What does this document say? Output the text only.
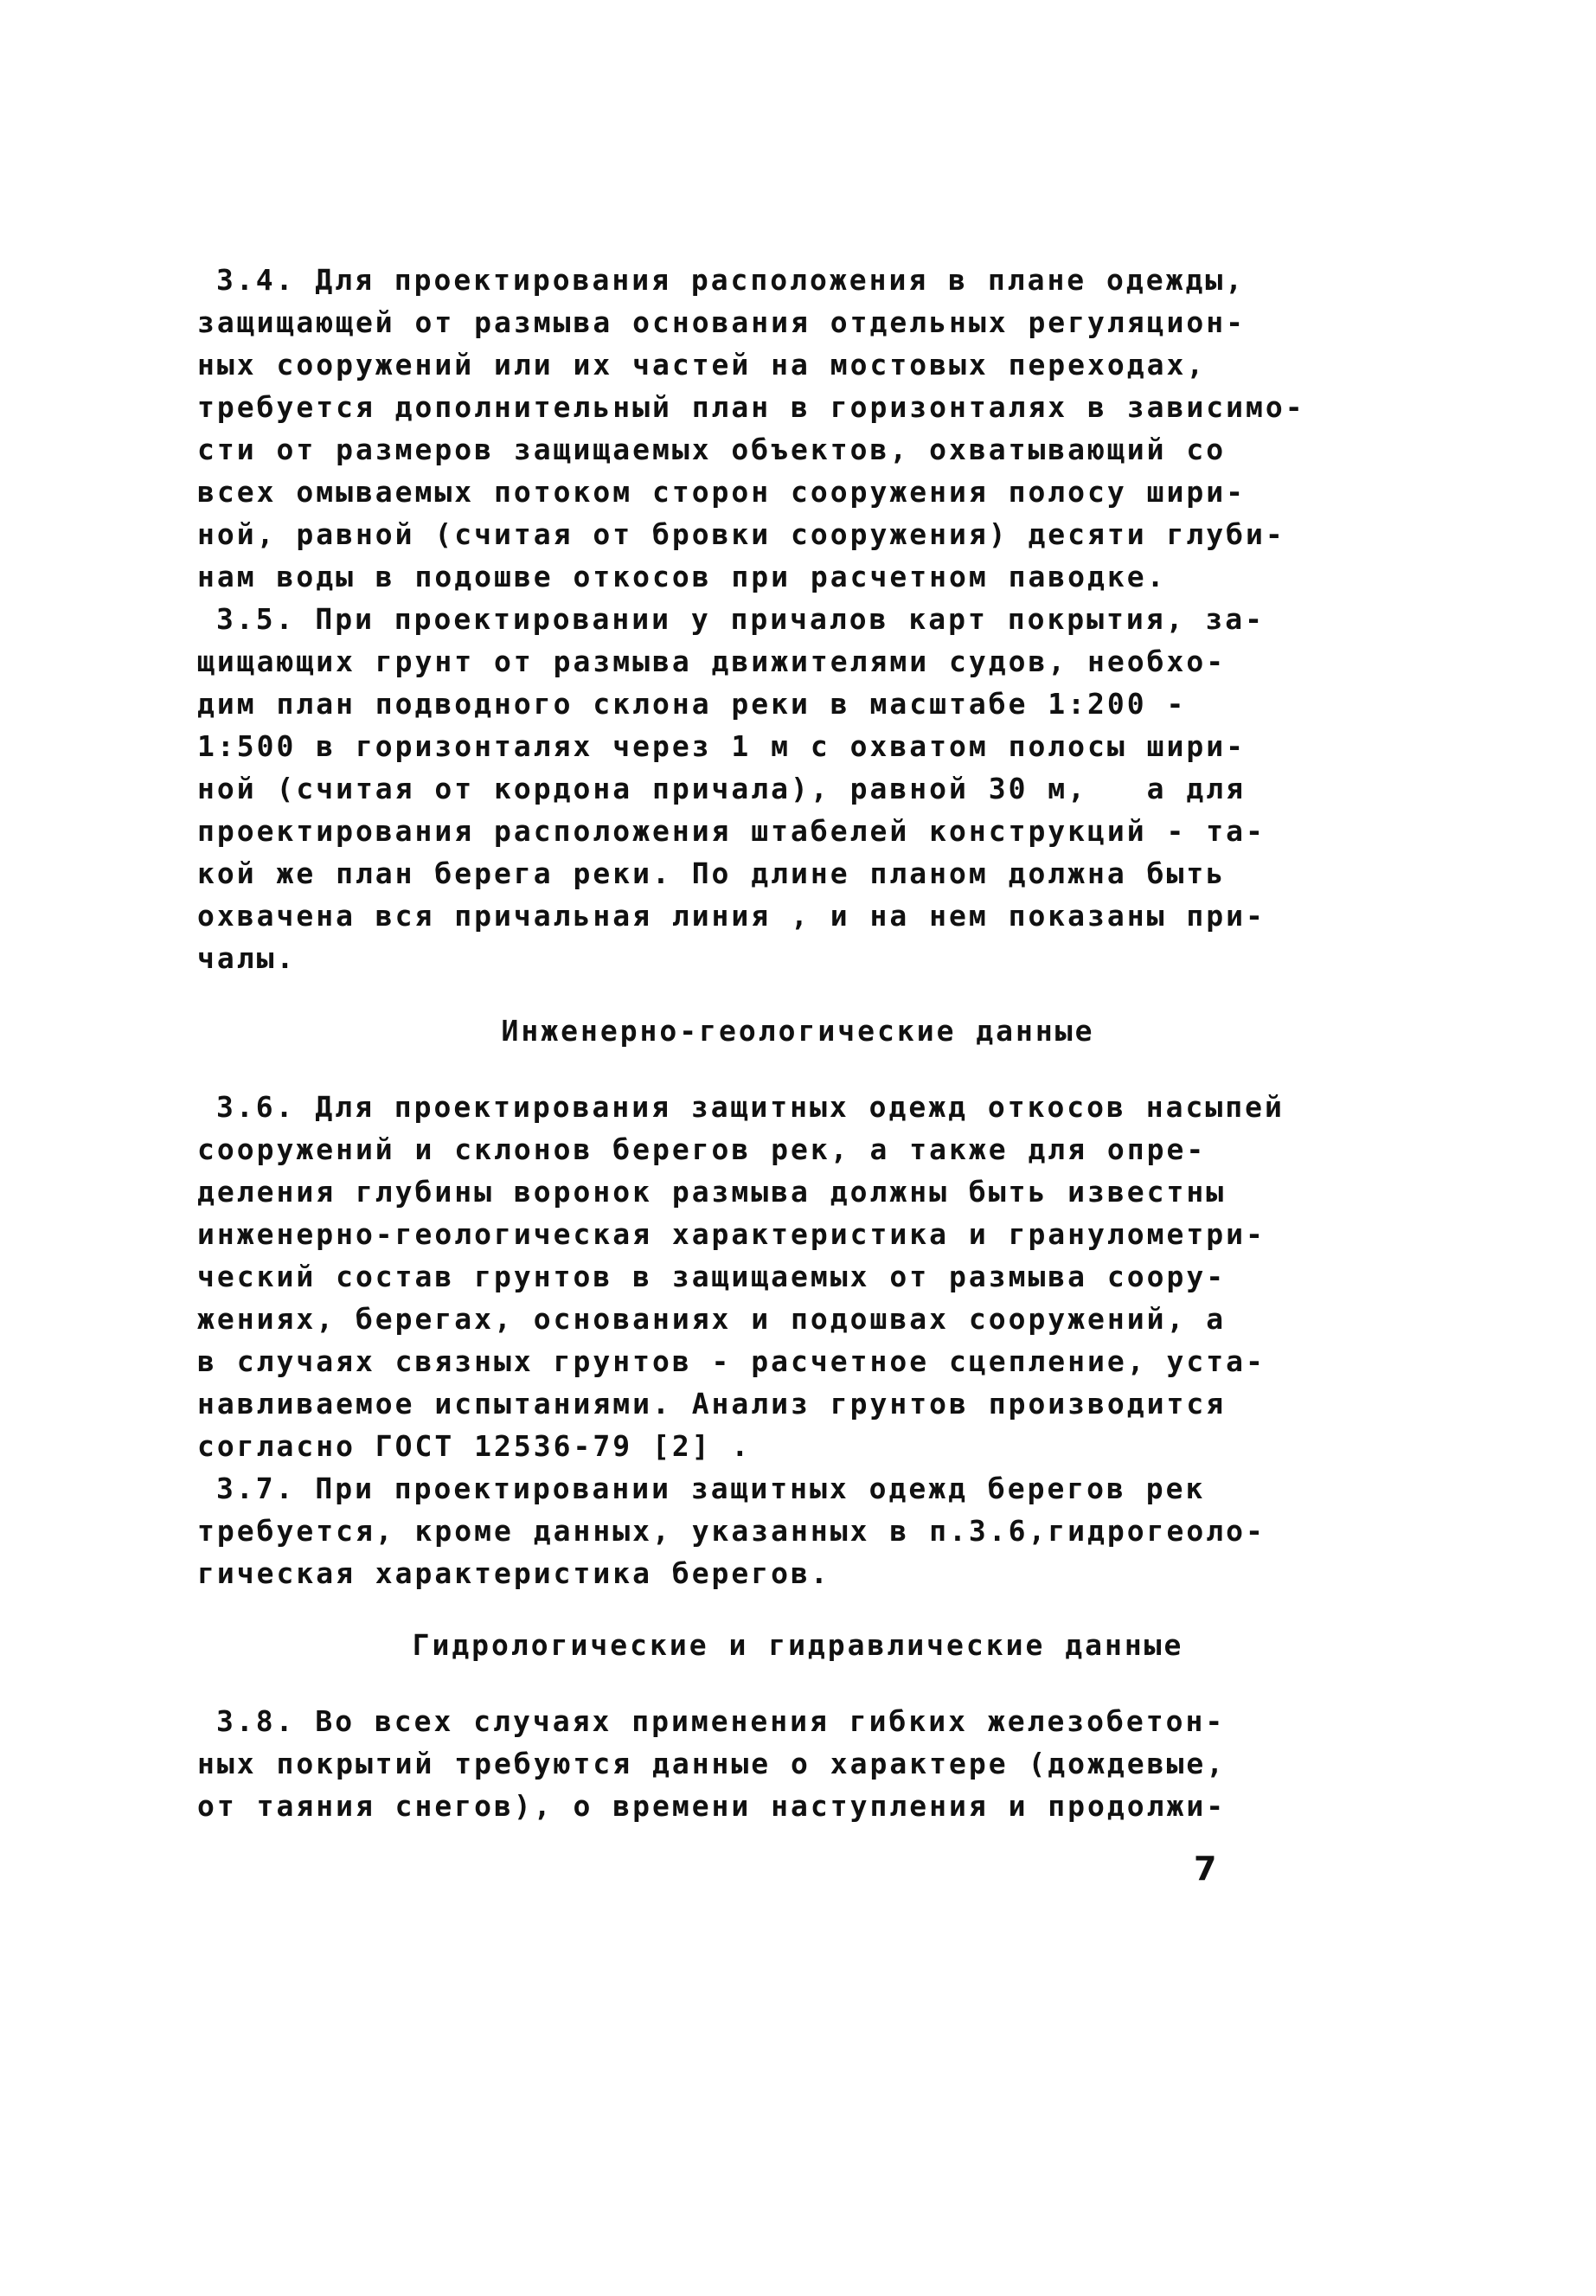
3.4. Для проектирования расположения в плане одежды,
защищающей от размыва основания отдельных регуляцион-
ных сооружений или их частей на мостовых переходах,
требуется дополнительный план в горизонталях в зависимо-
сти от размеров защищаемых объектов, охватывающий со
всех омываемых потоком сторон сооружения полосу шири-
ной, равной (считая от бровки сооружения) десяти глуби-
нам воды в подошве откосов при расчетном паводке.
3.5. При проектировании у причалов карт покрытия, за-
щищающих грунт от размыва движителями судов, необхо-
дим план подводного склона реки в масштабе 1:200 -
1:500 в горизонталях через 1 м с охватом полосы шири-
ной (считая от кордона причала), равной 30 м,   а для
проектирования расположения штабелей конструкций - та-
кой же план берега реки. По длине планом должна быть
охвачена вся причальная линия , и на нем показаны при-
чалы.
Инженерно-геологические данные
3.6. Для проектирования защитных одежд откосов насыпей
сооружений и склонов берегов рек, а также для опре-
деления глубины воронок размыва должны быть известны
инженерно-геологическая характеристика и гранулометри-
ческий состав грунтов в защищаемых от размыва соору-
жениях, берегах, основаниях и подошвах сооружений, а
в случаях связных грунтов - расчетное сцепление, уста-
навливаемое испытаниями. Анализ грунтов производится
согласно ГОСТ 12536-79 [2] .
3.7. При проектировании защитных одежд берегов рек
требуется, кроме данных, указанных в п.3.6,гидрогеоло-
гическая характеристика берегов.
Гидрологические и гидравлические данные
3.8. Во всех случаях применения гибких железобетон-
ных покрытий требуются данные о характере (дождевые,
от таяния снегов), о времени наступления и продолжи-
7
